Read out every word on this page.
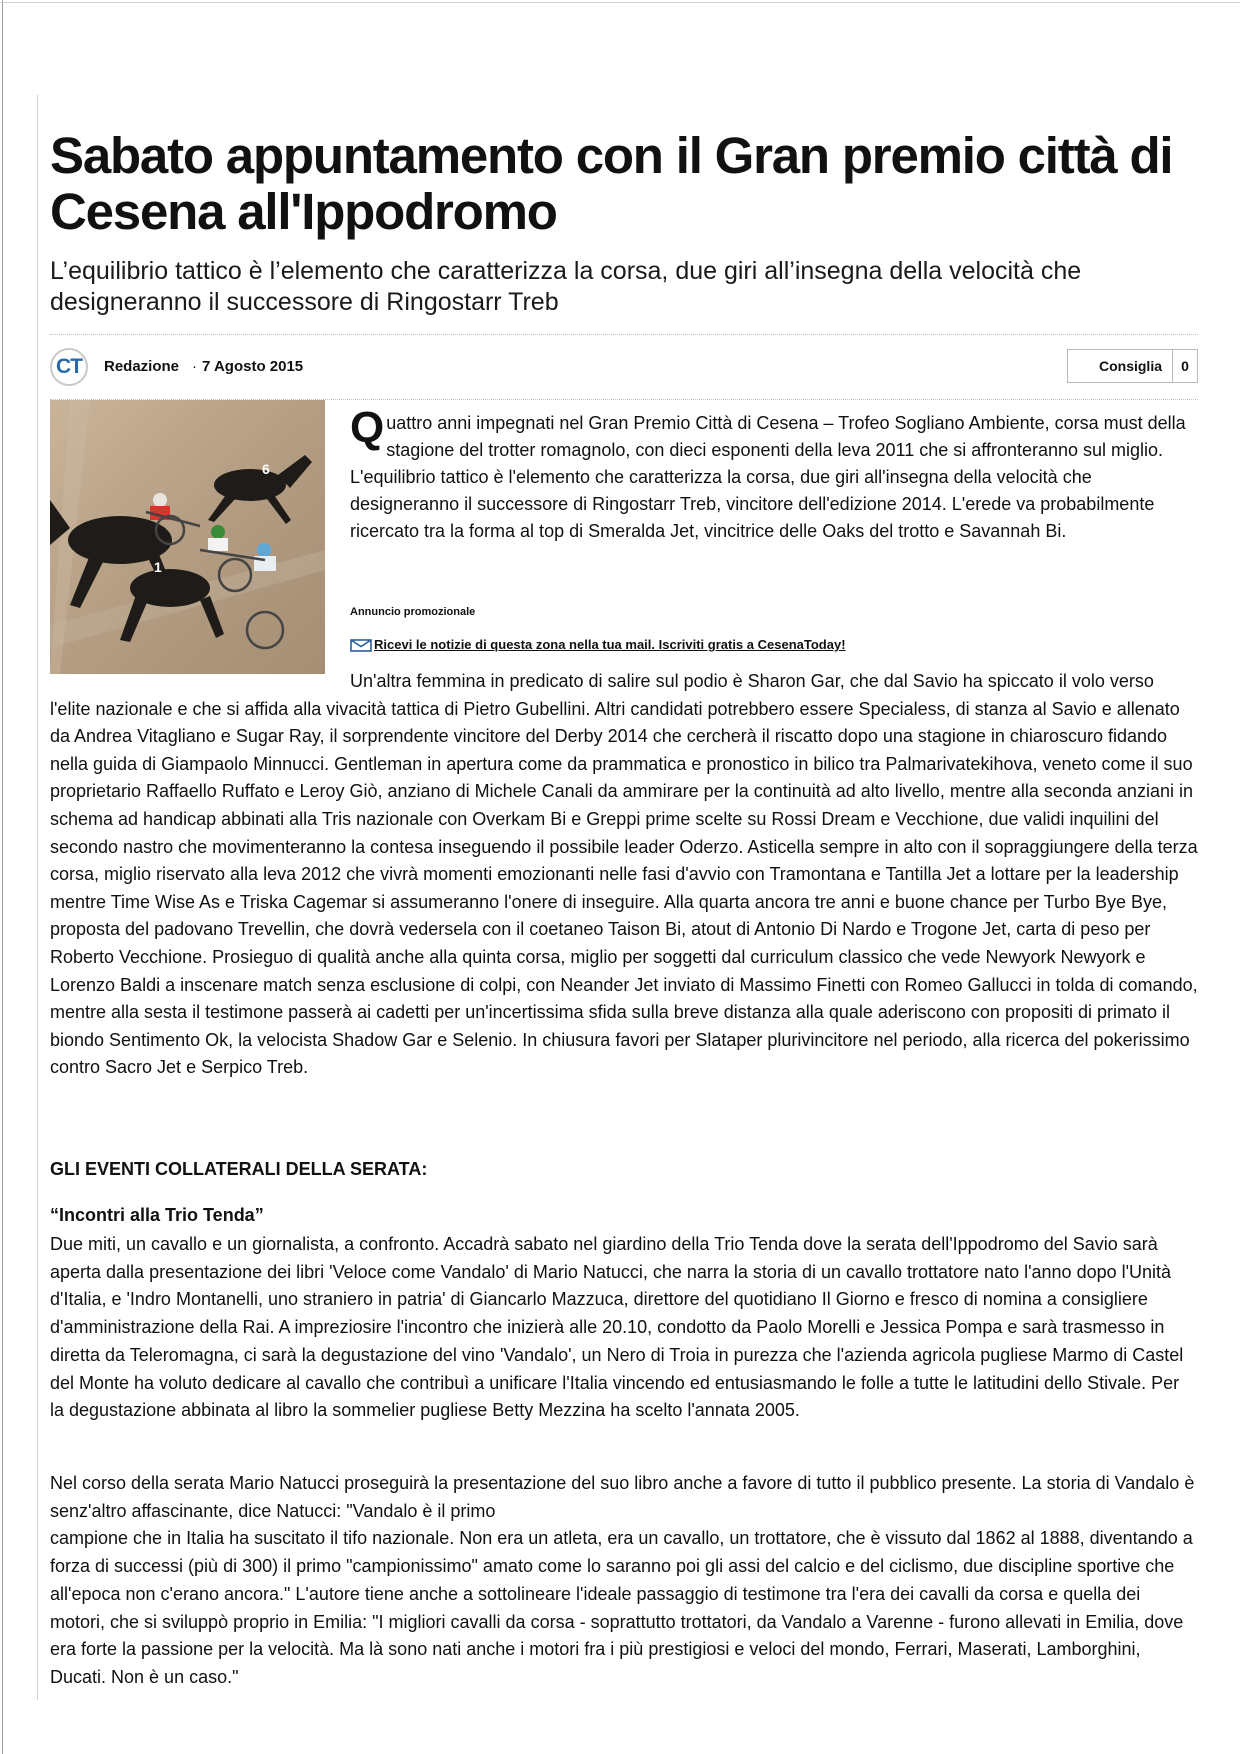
Sabato appuntamento con il Gran premio città di Cesena all'Ippodromo

L’equilibrio tattico è l’elemento che caratterizza la corsa, due giri all’insegna della velocità che designeranno il successore di Ringostarr Treb

CT	Redazione · 7 Agosto 2015	Consiglia	0
6
1
Quattro anni impegnati nel Gran Premio Città di Cesena – Trofeo Sogliano Ambiente, corsa must della stagione del trotter romagnolo, con dieci esponenti della leva 2011 che si affronteranno sul miglio. L'equilibrio tattico è l'elemento che caratterizza la corsa, due giri all'insegna della velocità che designeranno il successore di Ringostarr Treb, vincitore dell'edizione 2014. L'erede va probabilmente ricercato tra la forma al top di Smeralda Jet, vincitrice delle Oaks del trotto e Savannah Bi.
Annuncio promozionale
Ricevi le notizie di questa zona nella tua mail. Iscriviti gratis a CesenaToday!
Un'altra femmina in predicato di salire sul podio è Sharon Gar, che dal Savio ha spiccato il volo verso l'elite nazionale e che si affida alla vivacità tattica di Pietro Gubellini. Altri candidati potrebbero essere Specialess, di stanza al Savio e allenato da Andrea Vitagliano e Sugar Ray, il sorprendente vincitore del Derby 2014 che cercherà il riscatto dopo una stagione in chiaroscuro fidando nella guida di Giampaolo Minnucci. Gentleman in apertura come da prammatica e pronostico in bilico tra Palmarivatekihova, veneto come il suo proprietario Raffaello Ruffato e Leroy Giò, anziano di Michele Canali da ammirare per la continuità ad alto livello, mentre alla seconda anziani in schema ad handicap abbinati alla Tris nazionale con Overkam Bi e Greppi prime scelte su Rossi Dream e Vecchione, due validi inquilini del secondo nastro che movimenteranno la contesa inseguendo il possibile leader Oderzo. Asticella sempre in alto con il sopraggiungere della terza corsa, miglio riservato alla leva 2012 che vivrà momenti emozionanti nelle fasi d'avvio con Tramontana e Tantilla Jet a lottare per la leadership mentre Time Wise As e Triska Cagemar si assumeranno l'onere di inseguire. Alla quarta ancora tre anni e buone chance per Turbo Bye Bye, proposta del padovano Trevellin, che dovrà vedersela con il coetaneo Taison Bi, atout di Antonio Di Nardo e Trogone Jet, carta di peso per Roberto Vecchione. Prosieguo di qualità anche alla quinta corsa, miglio per soggetti dal curriculum classico che vede Newyork Newyork e Lorenzo Baldi a inscenare match senza esclusione di colpi, con Neander Jet inviato di Massimo Finetti con Romeo Gallucci in tolda di comando, mentre alla sesta il testimone passerà ai cadetti per un'incertissima sfida sulla breve distanza alla quale aderiscono con propositi di primato il biondo Sentimento Ok, la velocista Shadow Gar e Selenio. In chiusura favori per Slataper plurivincitore nel periodo, alla ricerca del pokerissimo contro Sacro Jet e Serpico Treb.
GLI EVENTI COLLATERALI DELLA SERATA:
“Incontri alla Trio Tenda”
Due miti, un cavallo e un giornalista, a confronto. Accadrà sabato nel giardino della Trio Tenda dove la serata dell'Ippodromo del Savio sarà aperta dalla presentazione dei libri 'Veloce come Vandalo' di Mario Natucci, che narra la storia di un cavallo trottatore nato l'anno dopo l'Unità d'Italia, e 'Indro Montanelli, uno straniero in patria' di Giancarlo Mazzuca, direttore del quotidiano Il Giorno e fresco di nomina a consigliere d'amministrazione della Rai. A impreziosire l'incontro che inizierà alle 20.10, condotto da Paolo Morelli e Jessica Pompa e sarà trasmesso in diretta da Teleromagna, ci sarà la degustazione del vino 'Vandalo', un Nero di Troia in purezza che l'azienda agricola pugliese Marmo di Castel del Monte ha voluto dedicare al cavallo che contribuì a unificare l'Italia vincendo ed entusiasmando le folle a tutte le latitudini dello Stivale. Per la degustazione abbinata al libro la sommelier pugliese Betty Mezzina ha scelto l'annata 2005.
Nel corso della serata Mario Natucci proseguirà la presentazione del suo libro anche a favore di tutto il pubblico presente. La storia di Vandalo è senz'altro affascinante, dice Natucci: "Vandalo è il primo
campione che in Italia ha suscitato il tifo nazionale. Non era un atleta, era un cavallo, un trottatore, che è vissuto dal 1862 al 1888, diventando a forza di successi (più di 300) il primo "campionissimo" amato come lo saranno poi gli assi del calcio e del ciclismo, due discipline sportive che all'epoca non c'erano ancora." L'autore tiene anche a sottolineare l'ideale passaggio di testimone tra l'era dei cavalli da corsa e quella dei motori, che si sviluppò proprio in Emilia: "I migliori cavalli da corsa - soprattutto trottatori, da Vandalo a Varenne - furono allevati in Emilia, dove era forte la passione per la velocità. Ma là sono nati anche i motori fra i più prestigiosi e veloci del mondo, Ferrari, Maserati, Lamborghini, Ducati. Non è un caso."
